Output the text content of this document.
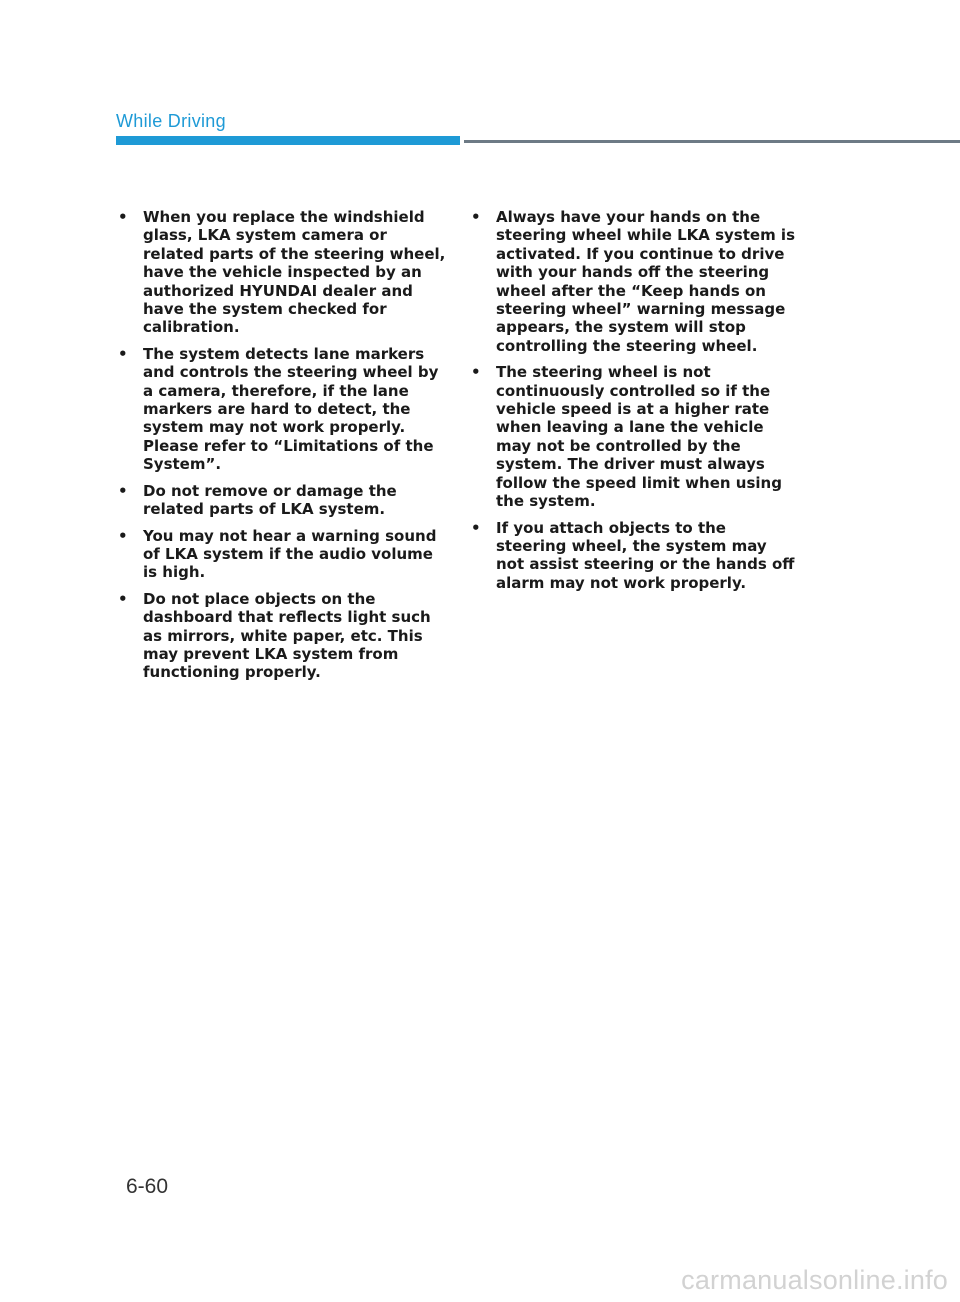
While Driving
• When you replace the windshield glass, LKA system camera or related parts of the steering wheel, have the vehicle inspected by an authorized HYUNDAI dealer and have the system checked for calibration.
• The system detects lane markers and controls the steering wheel by a camera, therefore, if the lane markers are hard to detect, the system may not work properly. Please refer to “Limitations of the System”.
• Do not remove or damage the related parts of LKA system.
• You may not hear a warning sound of LKA system if the audio volume is high.
• Do not place objects on the dashboard that reflects light such as mirrors, white paper, etc. This may prevent LKA system from functioning properly.
• Always have your hands on the steering wheel while LKA system is activated. If you continue to drive with your hands off the steering wheel after the “Keep hands on steering wheel” warning message appears, the system will stop controlling the steering wheel.
• The steering wheel is not continuously controlled so if the vehicle speed is at a higher rate when leaving a lane the vehicle may not be controlled by the system. The driver must always follow the speed limit when using the system.
• If you attach objects to the steering wheel, the system may not assist steering or the hands off alarm may not work properly.
6-60
carmanualsonline.info
